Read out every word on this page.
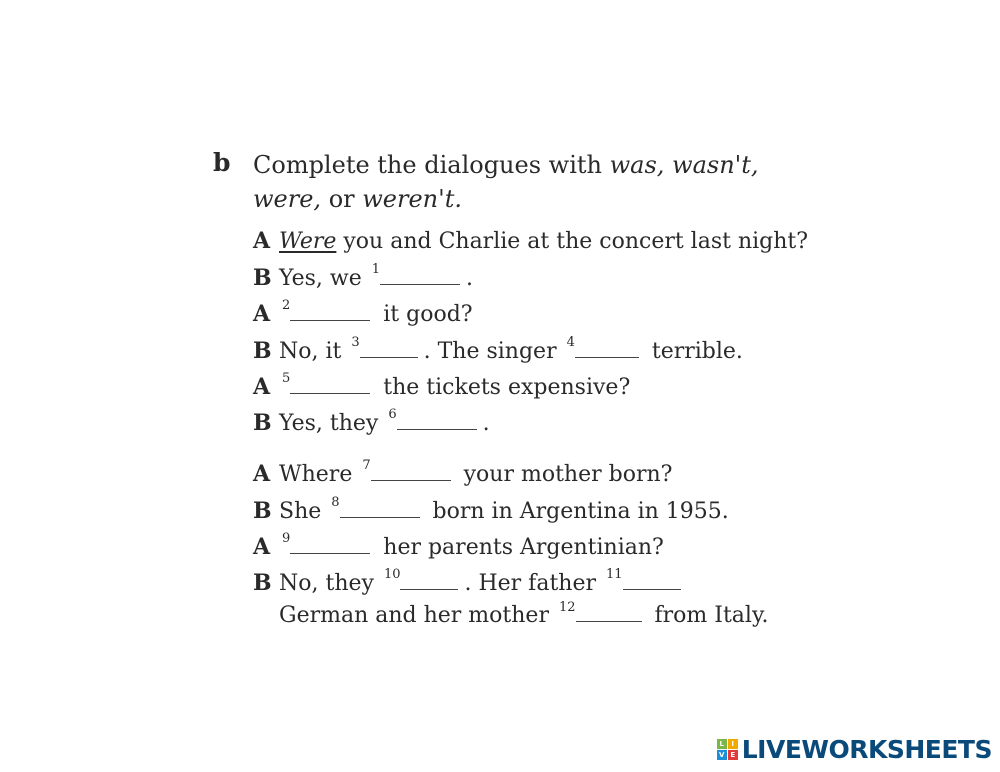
b Complete the dialogues with was, wasn't,
were, or weren't.
A Were you and Charlie at the concert last night?
B Yes, we $^1$	.
A $^2$	it good?
B No, it $^3$	. The singer $^4$	terrible.
A $^5$	the tickets expensive?
B Yes, they $^6$	.
A Where $^7$	your mother born?
B She $^8$	born in Argentina in 1955.
A $^9$	her parents Argentinian?
B No, they $^{10}$	. Her father $^{11}$
German and her mother $^{12}$	from Italy.
L	I
V E LIVEWORKSHEETS
